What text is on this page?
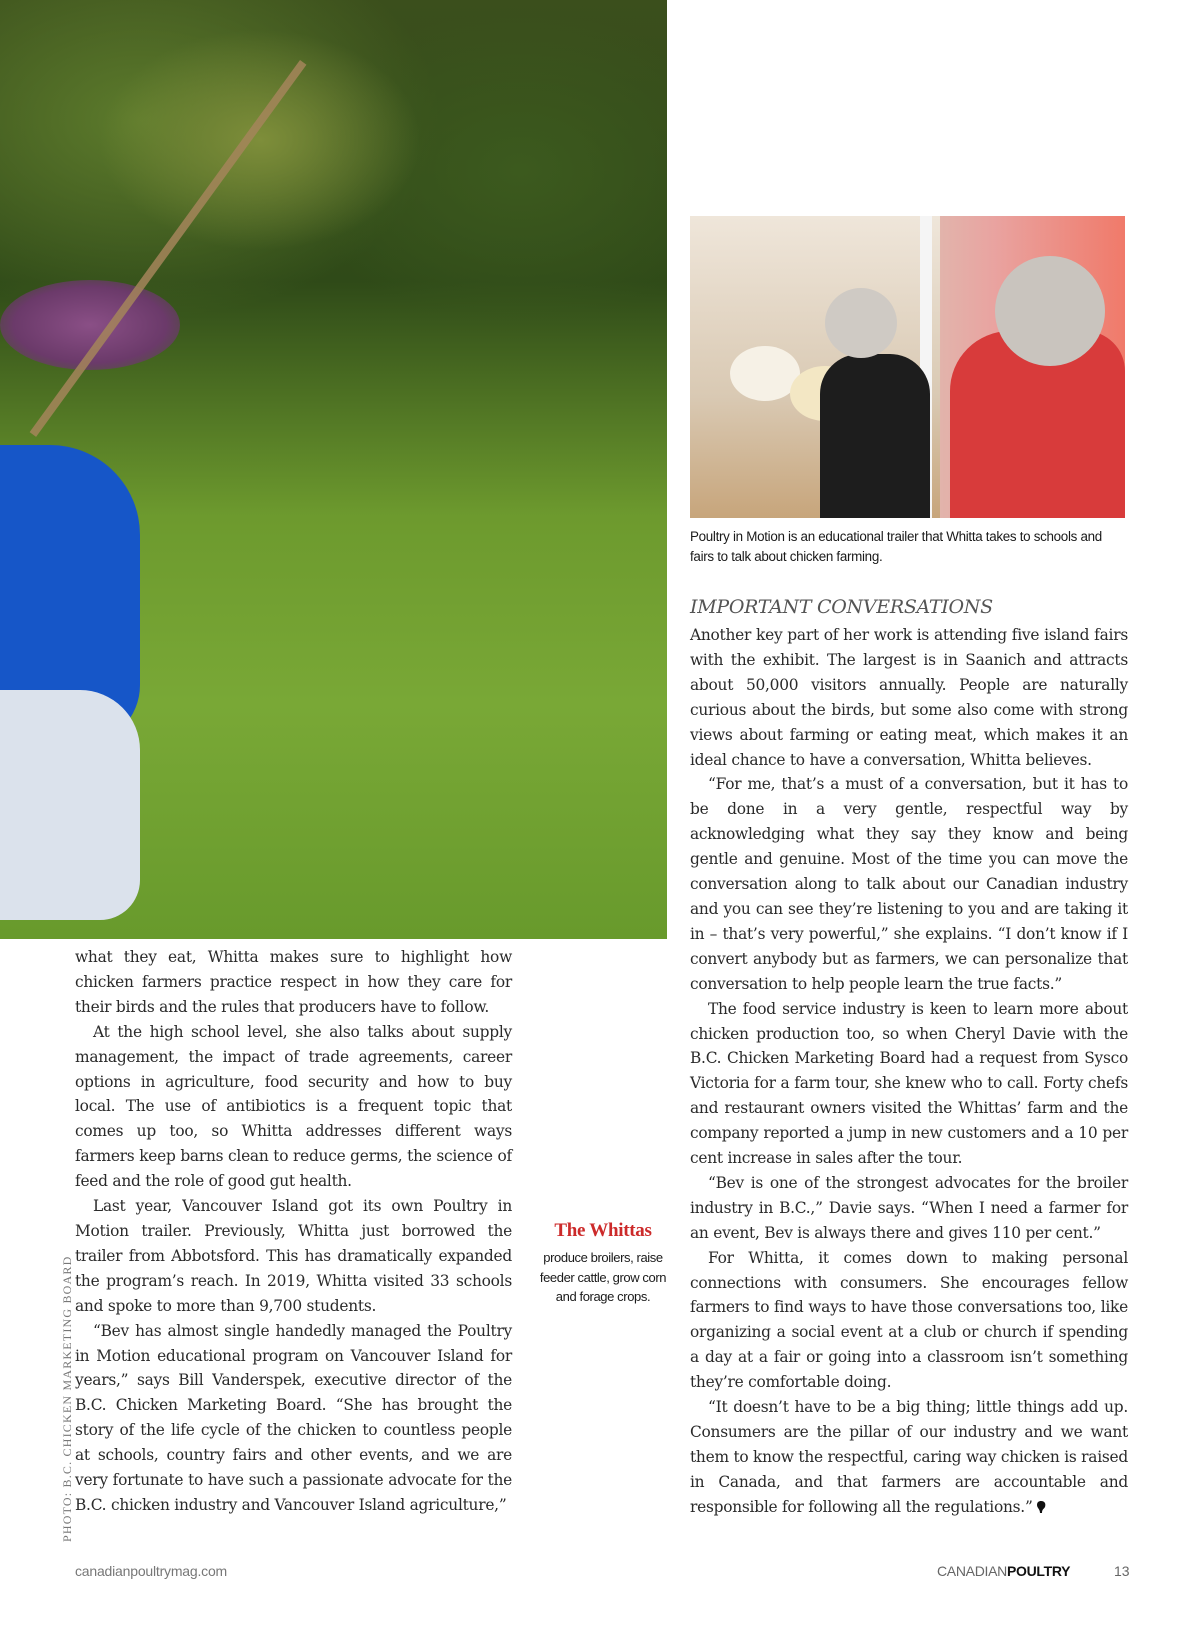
PHOTO: B.C. CHICKEN MARKETING BOARD
Poultry in Motion is an educational trailer that Whitta takes to schools and fairs to talk about chicken farming.
IMPORTANT CONVERSATIONS

what they eat, Whitta makes sure to highlight how chicken farmers practice respect in how they care for their birds and the rules that producers have to follow.

At the high school level, she also talks about supply management, the impact of trade agreements, career options in agriculture, food security and how to buy local. The use of antibiotics is a frequent topic that comes up too, so Whitta addresses different ways farmers keep barns clean to reduce germs, the science of feed and the role of good gut health.

Last year, Vancouver Island got its own Poultry in Motion trailer. Previously, Whitta just borrowed the trailer from Abbotsford. This has dramatically expanded the program’s reach. In 2019, Whitta visited 33 schools and spoke to more than 9,700 students.

“Bev has almost single handedly managed the Poultry in Motion educational program on Vancouver Island for years,” says Bill Vanderspek, executive director of the B.C. Chicken Marketing Board. “She has brought the story of the life cycle of the chicken to countless people at schools, country fairs and other events, and we are very fortunate to have such a passionate advocate for the B.C. chicken industry and Vancouver Island agriculture,”

The Whittas
produce broilers, raise feeder cattle, grow corn and forage crops.

Another key part of her work is attending five island fairs with the exhibit. The largest is in Saanich and attracts about 50,000 visitors annually. People are naturally curious about the birds, but some also come with strong views about farming or eating meat, which makes it an ideal chance to have a conversation, Whitta believes.

“For me, that’s a must of a conversation, but it has to be done in a very gentle, respectful way by acknowledging what they say they know and being gentle and genuine. Most of the time you can move the conversation along to talk about our Canadian industry and you can see they’re listening to you and are taking it in – that’s very powerful,” she explains. “I don’t know if I convert anybody but as farmers, we can personalize that conversation to help people learn the true facts.”

The food service industry is keen to learn more about chicken production too, so when Cheryl Davie with the B.C. Chicken Marketing Board had a request from Sysco Victoria for a farm tour, she knew who to call. Forty chefs and restaurant owners visited the Whittas’ farm and the company reported a jump in new customers and a 10 per cent increase in sales after the tour.

“Bev is one of the strongest advocates for the broiler industry in B.C.,” Davie says. “When I need a farmer for an event, Bev is always there and gives 110 per cent.”

For Whitta, it comes down to making personal connections with consumers. She encourages fellow farmers to find ways to have those conversations too, like organizing a social event at a club or church if spending a day at a fair or going into a classroom isn’t something they’re comfortable doing.

“It doesn’t have to be a big thing; little things add up. Consumers are the pillar of our industry and we want them to know the respectful, caring way chicken is raised in Canada, and that farmers are accountable and responsible for following all the regulations.”

canadianpoultrymag.com	CANADIANPOULTRY	13
